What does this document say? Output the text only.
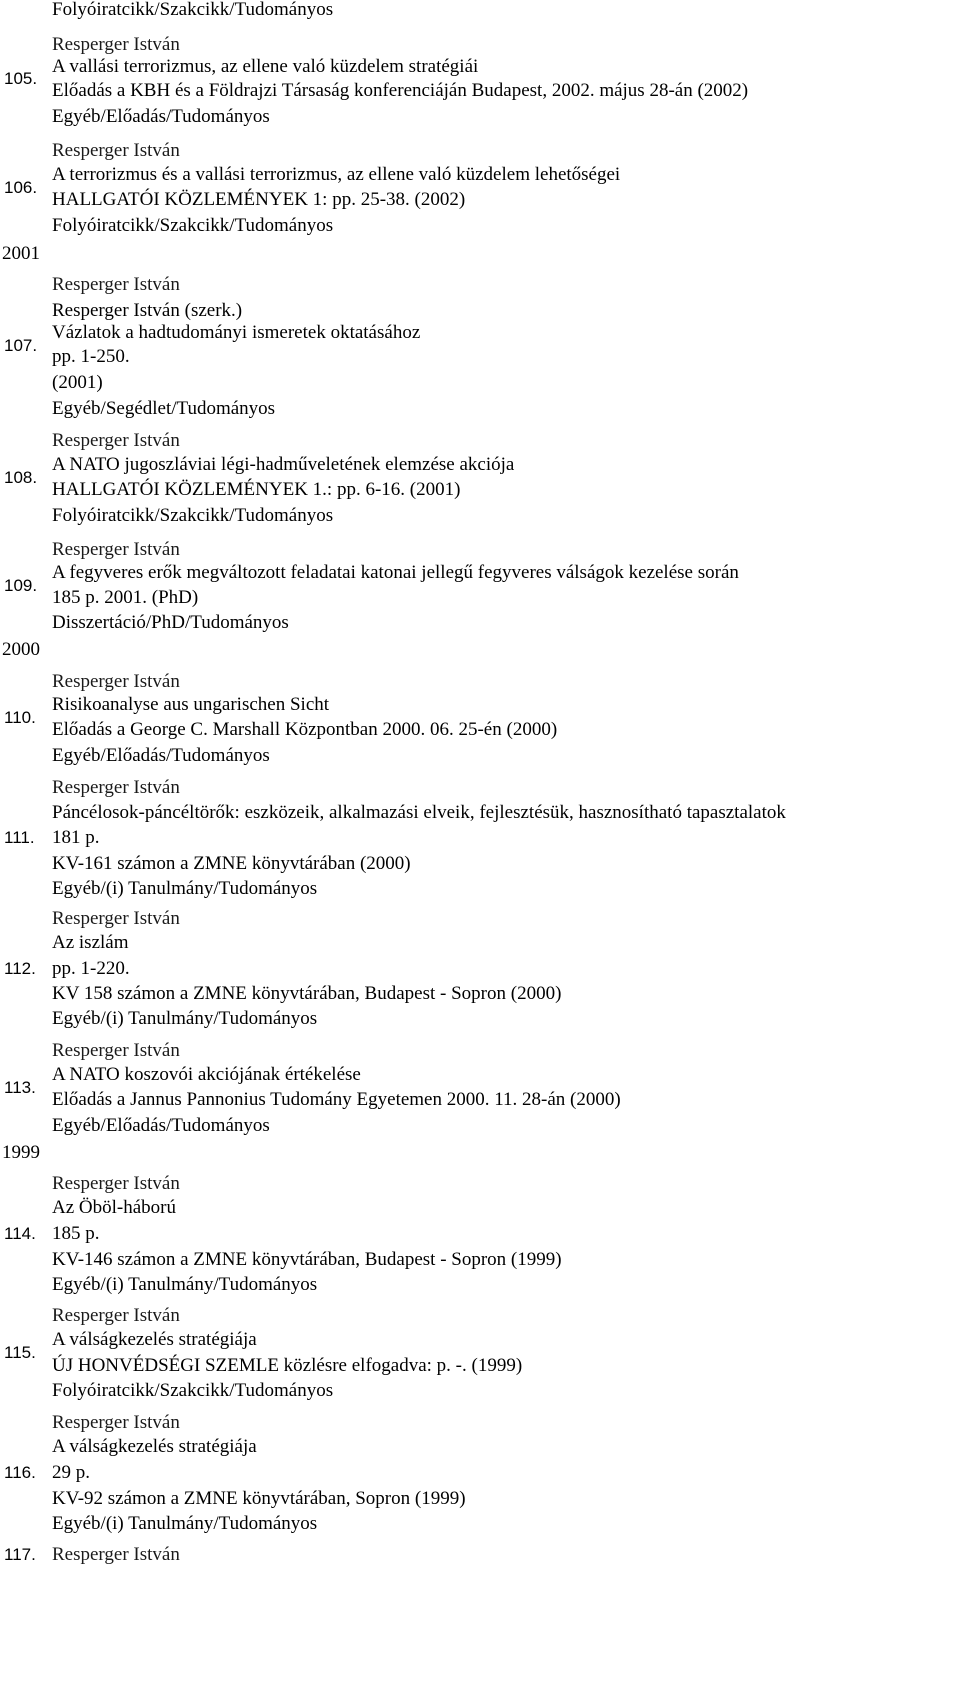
Folyóiratcikk/Szakcikk/Tudományos
Resperger István
A vallási terrorizmus, az ellene való küzdelem stratégiái
105.
Előadás a KBH és a Földrajzi Társaság konferenciáján Budapest, 2002. május 28-án (2002)
Egyéb/Előadás/Tudományos
Resperger István
A terrorizmus és a vallási terrorizmus, az ellene való küzdelem lehetőségei
106.
HALLGATÓI KÖZLEMÉNYEK 1: pp. 25-38. (2002)
Folyóiratcikk/Szakcikk/Tudományos
2001
Resperger István
Resperger István (szerk.)
Vázlatok a hadtudományi ismeretek oktatásához
107.
pp. 1-250.
(2001)
Egyéb/Segédlet/Tudományos
Resperger István
A NATO jugoszláviai légi-hadműveletének elemzése akciója
108.
HALLGATÓI KÖZLEMÉNYEK 1.: pp. 6-16. (2001)
Folyóiratcikk/Szakcikk/Tudományos
Resperger István
A fegyveres erők megváltozott feladatai katonai jellegű fegyveres válságok kezelése során
109.
185 p. 2001. (PhD)
Disszertáció/PhD/Tudományos
2000
Resperger István
Risikoanalyse aus ungarischen Sicht
110.
Előadás a George C. Marshall Központban 2000. 06. 25-én (2000)
Egyéb/Előadás/Tudományos
Resperger István
Páncélosok-páncéltörők: eszközeik, alkalmazási elveik, fejlesztésük, hasznosítható tapasztalatok
111. 181 p.
KV-161 számon a ZMNE könyvtárában (2000)
Egyéb/(i) Tanulmány/Tudományos
Resperger István
Az iszlám
112. pp. 1-220.
KV 158 számon a ZMNE könyvtárában, Budapest - Sopron (2000)
Egyéb/(i) Tanulmány/Tudományos
Resperger István
A NATO koszovói akciójának értékelése
113.
Előadás a Jannus Pannonius Tudomány Egyetemen 2000. 11. 28-án (2000)
Egyéb/Előadás/Tudományos
1999
Resperger István
Az Öböl-háború
114. 185 p.
KV-146 számon a ZMNE könyvtárában, Budapest - Sopron (1999)
Egyéb/(i) Tanulmány/Tudományos
Resperger István
A válságkezelés stratégiája
115.
ÚJ HONVÉDSÉGI SZEMLE közlésre elfogadva: p. -. (1999)
Folyóiratcikk/Szakcikk/Tudományos
Resperger István
A válságkezelés stratégiája
116. 29 p.
KV-92 számon a ZMNE könyvtárában, Sopron (1999)
Egyéb/(i) Tanulmány/Tudományos
117. Resperger István
